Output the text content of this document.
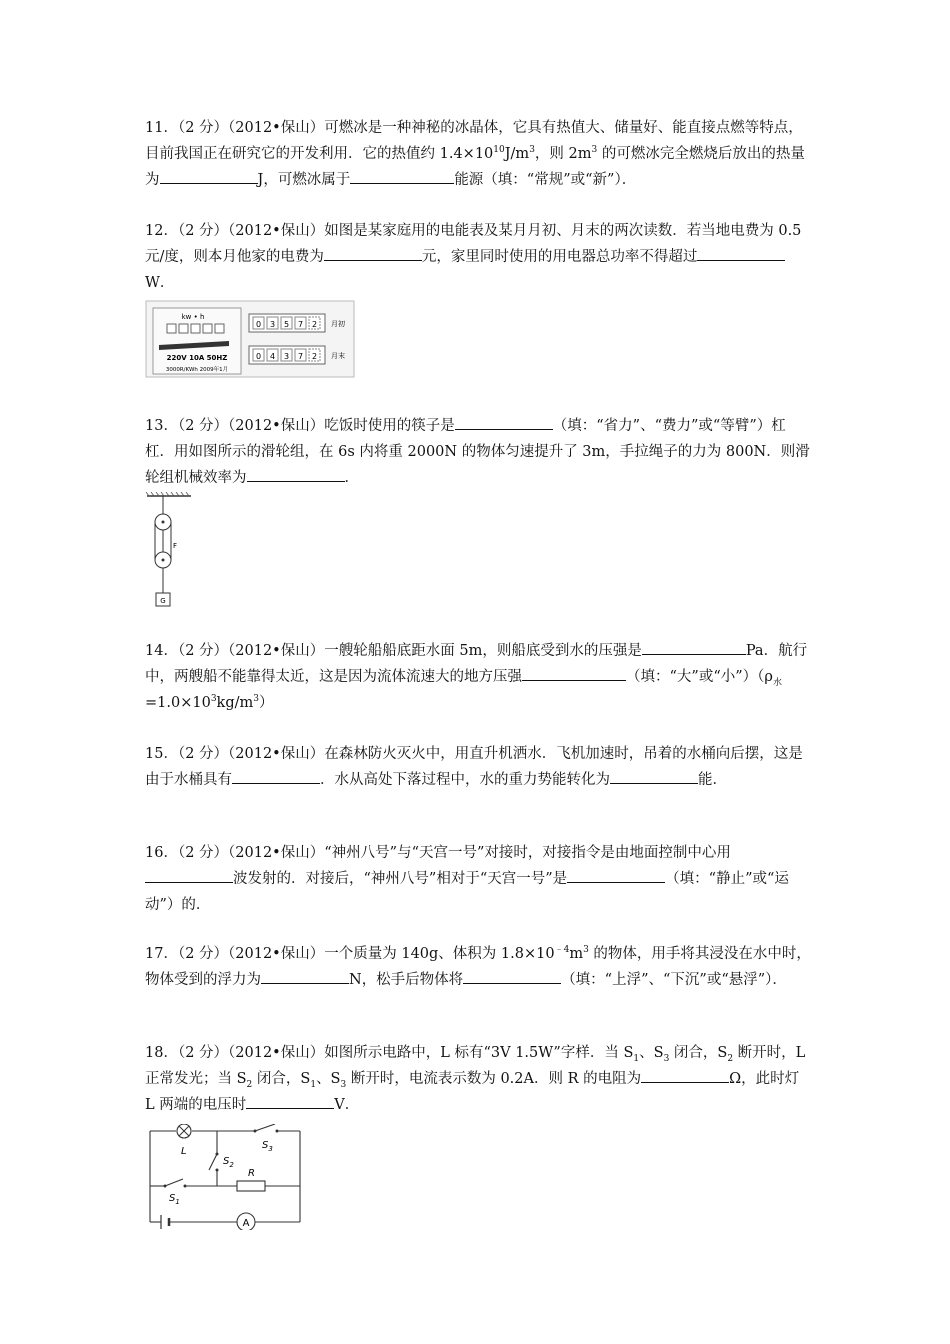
11．（2 分）（2012•保山）可燃冰是一种神秘的冰晶体，它具有热值大、储量好、能直接点燃等特点，目前我国正在研究它的开发利用．它的热值约 $1.4\times 10^{10}J/m^3$，则 $2m^3$ 的可燃冰完全燃烧后放出的热量为	J，可燃冰属于	能源（填：“常规”或“新”）．
12．（2 分）（2012•保山）如图是某家庭用的电能表及某月月初、月末的两次读数．若当地电费为 0.5 元/度，则本月他家的电费为	元，家里同时使用的用电器总功率不得超过W．
kw • h
220V 10A 50HZ
3000R/KWh 2009年1月
0 3 5 7 2 月初
0 4 3 7 2 月末
13．（2 分）（2012•保山）吃饭时使用的筷子是	（填：“省力”、“费力”或“等臂”）杠杠．用如图所示的滑轮组，在 6s 内将重 2000N 的物体匀速提升了 3m，手拉绳子的力为 800N．则滑轮组机械效率为	．
F
G
14．（2 分）（2012•保山）一艘轮船船底距水面 5m，则船底受到水的压强是	Pa．航行中，两艘船不能靠得太近，这是因为流体流速大的地方压强	（填：“大”或“小$”)(\rho_水=1.0\times 10^3kg/m^3)$
15．（2 分）（2012•保山）在森林防火灭火中，用直升机洒水．飞机加速时，吊着的水桶向后摆，这是由于水桶具有	．水从高处下落过程中，水的重力势能转化为	能．
16．（2 分）（2012•保山）“神州八号”与“天宫一号”对接时，对接指令是由地面控制中心用波发射的．对接后，“神州八号”相对于“天宫一号”是	（填：“静止”或“运动”）的．
17．（2 分）（2012•保山）一个质量为 140g、体积为 $1.8\times 10^{﹣4}m^3$ 的物体，用手将其浸没在水中时，物体受到的浮力为	N，松手后物体将	（填：“上浮”、“下沉”或“悬浮”）．
18．（2 分）（2012•保山）如图所示电路中，L 标有“3V 1.5W”字样．当 $S_1$、$S_3$ 闭合，$S_2$ 断开时，L 正常发光；当 $S_2$ 闭合，$S_1$、$S_3$ 断开时，电流表示数为 0.2A．则 R 的电阻为	Ω，此时灯 L 两端的电压时	V．
L
$S_3$
$S_2$
$S_1$
R
A
